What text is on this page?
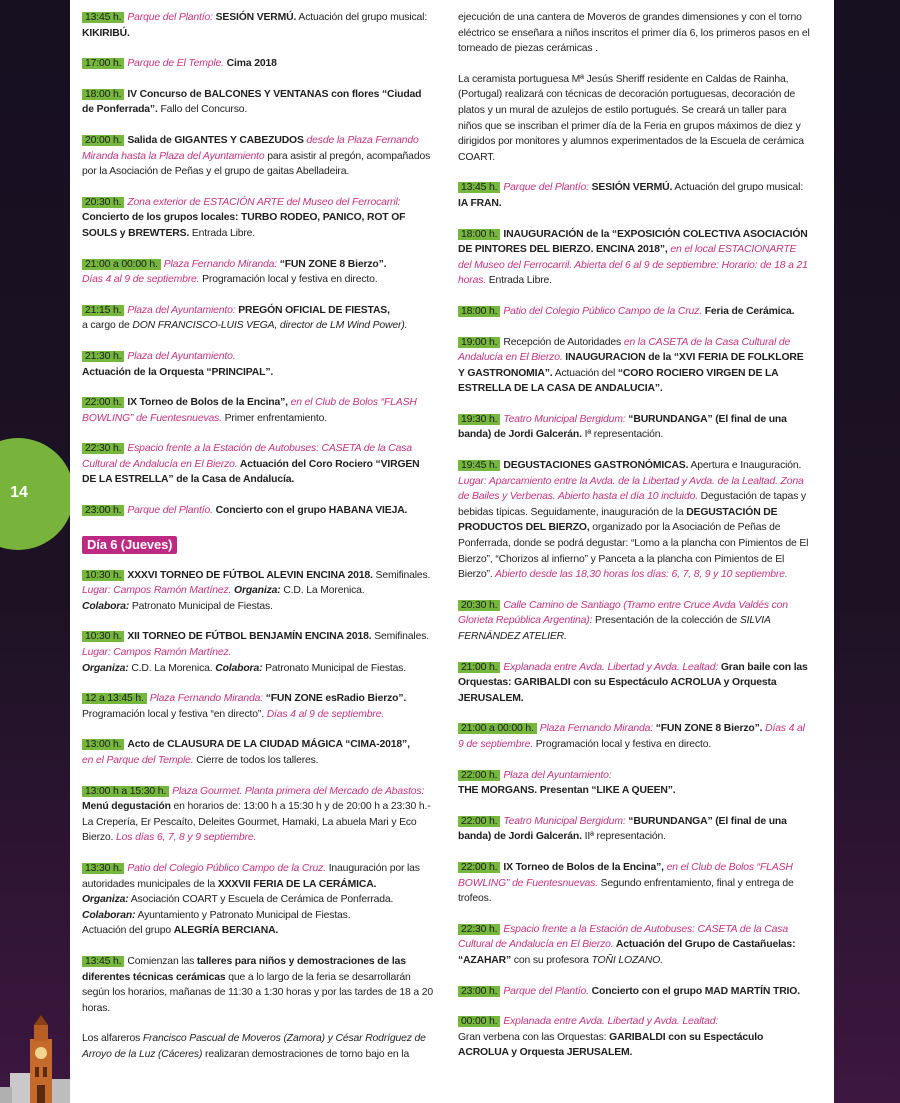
14
13:45 h. Parque del Plantío: SESIÓN VERMÚ. Actuación del grupo musical: KIKIRIBÚ.
17:00 h. Parque de El Temple. Cima 2018
18:00 h. IV Concurso de BALCONES Y VENTANAS con flores “Ciudad de Ponferrada”. Fallo del Concurso.
20:00 h. Salida de GIGANTES Y CABEZUDOS desde la Plaza Fernando Miranda hasta la Plaza del Ayuntamiento para asistir al pregón, acompañados por la Asociación de Peñas y el grupo de gaitas Abelladeira.
20:30 h. Zona exterior de ESTACIÓN ARTE del Museo del Ferrocarril:
Concierto de los grupos locales: TURBO RODEO, PANICO, ROT OF SOULS y BREWTERS. Entrada Libre.
21:00 a 00:00 h. Plaza Fernando Miranda: “FUN ZONE 8 Bierzo”.
Días 4 al 9 de septiembre. Programación local y festiva en directo.
21:15 h. Plaza del Ayuntamiento: PREGÓN OFICIAL DE FIESTAS,
a cargo de DON FRANCISCO-LUIS VEGA, director de LM Wind Power).
21:30 h. Plaza del Ayuntamiento.
Actuación de la Orquesta “PRINCIPAL”.
22:00 h. IX Torneo de Bolos de la Encina”, en el Club de Bolos “FLASH BOWLING” de Fuentesnuevas. Primer enfrentamiento.
22:30 h. Espacio frente a la Estación de Autobuses: CASETA de la Casa Cultural de Andalucía en El Bierzo. Actuación del Coro Rociero “VIRGEN DE LA ESTRELLA” de la Casa de Andalucía.
23:00 h. Parque del Plantío. Concierto con el grupo HABANA VIEJA.
Día 6 (Jueves)
10:30 h. XXXVI TORNEO DE FÚTBOL ALEVIN ENCINA 2018. Semifinales.
Lugar: Campos Ramón Martínez. Organiza: C.D. La Morenica.
Colabora: Patronato Municipal de Fiestas.
10:30 h. XII TORNEO DE FÚTBOL BENJAMÍN ENCINA 2018. Semifinales.
Lugar: Campos Ramón Martínez.
Organiza: C.D. La Morenica. Colabora: Patronato Municipal de Fiestas.
12 a 13:45 h. Plaza Fernando Miranda: “FUN ZONE esRadio Bierzo”. Programación local y festiva “en directo”. Días 4 al 9 de septiembre.
13:00 h. Acto de CLAUSURA DE LA CIUDAD MÁGICA “CIMA-2018”,
en el Parque del Temple. Cierre de todos los talleres.
13:00 h a 15:30 h. Plaza Gourmet. Planta primera del Mercado de Abastos:
Menú degustación en horarios de: 13:00 h a 15:30 h y de 20:00 h a 23:30 h.- La Crepería, Er Pescaíto, Deleites Gourmet, Hamaki, La abuela Mari y Eco Bierzo. Los días 6, 7, 8 y 9 septiembre.
13:30 h. Patio del Colegio Público Campo de la Cruz. Inauguración por las autoridades municipales de la XXXVII FERIA DE LA CERÁMICA.
Organiza: Asociación COART y Escuela de Cerámica de Ponferrada.
Colaboran: Ayuntamiento y Patronato Municipal de Fiestas.
Actuación del grupo ALEGRÍA BERCIANA.
13:45 h. Comienzan las talleres para niños y demostraciones de las diferentes técnicas cerámicas que a lo largo de la feria se desarrollarán según los horarios, mañanas de 11:30 a 1:30 horas y por las tardes de 18 a 20 horas.
Los alfareros Francisco Pascual de Moveros (Zamora) y César Rodríguez de Arroyo de la Luz (Cáceres) realizaran demostraciones de torno bajo en la
ejecución de una cantera de Moveros de grandes dimensiones y con el torno eléctrico se enseñara a niños inscritos el primer día 6, los primeros pasos en el torneado de piezas cerámicas .
La ceramista portuguesa Mª Jesús Sheriff residente en Caldas de Rainha, (Portugal) realizará con técnicas de decoración portuguesas, decoración de platos y un mural de azulejos de estilo portugués. Se creará un taller para niños que se inscriban el primer día de la Feria en grupos máximos de diez y dirigidos por monitores y alumnos experimentados de la Escuela de cerámica COART.
13:45 h. Parque del Plantío: SESIÓN VERMÚ. Actuación del grupo musical: IA FRAN.
18:00 h. INAUGURACIÓN de la “EXPOSICIÓN COLECTIVA ASOCIACIÓN DE PINTORES DEL BIERZO. ENCINA 2018”, en el local ESTACIONARTE del Museo del Ferrocarril. Abierta del 6 al 9 de septiembre: Horario: de 18 a 21 horas. Entrada Libre.
18:00 h. Patio del Colegio Público Campo de la Cruz. Feria de Cerámica.
19:00 h. Recepción de Autoridades en la CASETA de la Casa Cultural de Andalucía en El Bierzo. INAUGURACION de la “XVI FERIA DE FOLKLORE Y GASTRONOMIA”. Actuación del “CORO ROCIERO VIRGEN DE LA ESTRELLA DE LA CASA DE ANDALUCIA”.
19:30 h. Teatro Municipal Bergidum: “BURUNDANGA” (El final de una banda) de Jordi Galcerán. Iª representación.
19:45 h. DEGUSTACIONES GASTRONÓMICAS. Apertura e Inauguración. Lugar: Aparcamiento entre la Avda. de la Libertad y Avda. de la Lealtad. Zona de Bailes y Verbenas. Abierto hasta el día 10 incluido. Degustación de tapas y bebidas típicas. Seguidamente, inauguración de la DEGUSTACIÓN DE PRODUCTOS DEL BIERZO, organizado por la Asociación de Peñas de Ponferrada, donde se podrá degustar: “Lomo a la plancha con Pimientos de El Bierzo”, “Chorizos al infierno” y Panceta a la plancha con Pimientos de El Bierzo”. Abierto desde las 18,30 horas los días: 6, 7, 8, 9 y 10 septiembre.
20:30 h. Calle Camino de Santiago (Tramo entre Cruce Avda Valdés con Glorieta República Argentina): Presentación de la colección de SILVIA FERNÁNDEZ ATELIER.
21:00 h. Explanada entre Avda. Libertad y Avda. Lealtad: Gran baile con las Orquestas: GARIBALDI con su Espectáculo ACROLUA y Orquesta JERUSALEM.
21:00 a 00:00 h. Plaza Fernando Miranda: “FUN ZONE 8 Bierzo”. Días 4 al 9 de septiembre. Programación local y festiva en directo.
22:00 h. Plaza del Ayuntamiento:
THE MORGANS. Presentan “LIKE A QUEEN”.
22:00 h. Teatro Municipal Bergidum: “BURUNDANGA” (El final de una banda) de Jordi Galcerán. IIª representación.
22:00 h. IX Torneo de Bolos de la Encina”, en el Club de Bolos “FLASH BOWLING” de Fuentesnuevas. Segundo enfrentamiento, final y entrega de trofeos.
22:30 h. Espacio frente a la Estación de Autobuses: CASETA de la Casa Cultural de Andalucía en El Bierzo. Actuación del Grupo de Castañuelas: “AZAHAR” con su profesora TOÑI LOZANO.
23:00 h. Parque del Plantío. Concierto con el grupo MAD MARTÍN TRIO.
00:00 h. Explanada entre Avda. Libertad y Avda. Lealtad:
Gran verbena con las Orquestas: GARIBALDI con su Espectáculo ACROLUA y Orquesta JERUSALEM.
